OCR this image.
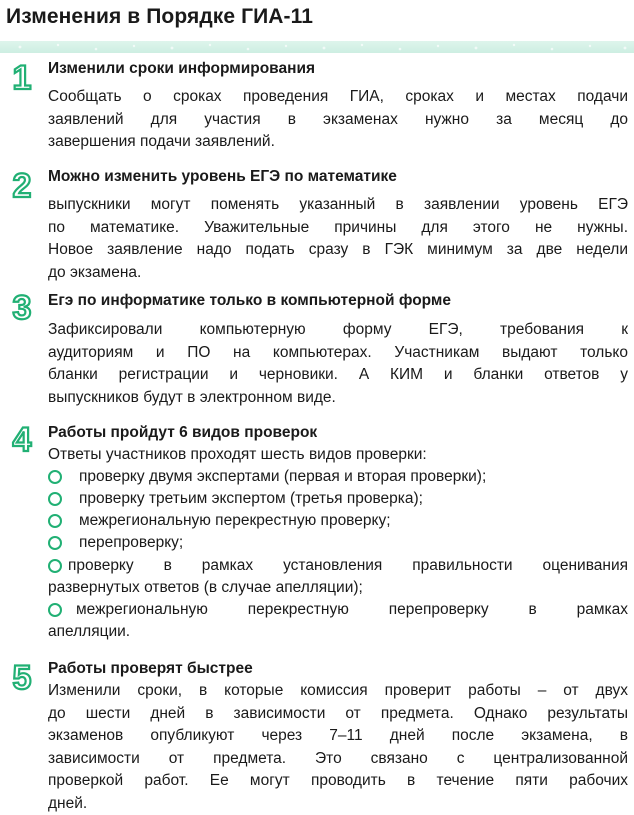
Изменения в Порядке ГИА-11
1 Изменили сроки информирования
Сообщать о сроках проведения ГИА, сроках и местах подачи
заявлений для участия в экзаменах нужно за месяц до
завершения подачи заявлений.
2 Можно изменить уровень ЕГЭ по математике
выпускники могут поменять указанный в заявлении уровень ЕГЭ
по математике. Уважительные причины для этого не нужны.
Новое заявление надо подать сразу в ГЭК минимум за две недели
до экзамена.
3 Егэ по информатике только в компьютерной форме
Зафиксировали компьютерную форму ЕГЭ, требования к
аудиториям и ПО на компьютерах. Участникам выдают только
бланки регистрации и черновики. А КИМ и бланки ответов у
выпускников будут в электронном виде.
4 Работы пройдут 6 видов проверок
Ответы участников проходят шесть видов проверки:
проверку двумя экспертами (первая и вторая проверки);
проверку третьим экспертом (третья проверка);
межрегиональную перекрестную проверку;
перепроверку;
проверку в рамках установления правильности оценивания
развернутых ответов (в случае апелляции);
межрегиональную перекрестную перепроверку в рамках
апелляции.
5 Работы проверят быстрее
Изменили сроки, в которые комиссия проверит работы – от двух
до шести дней в зависимости от предмета. Однако результаты
экзаменов опубликуют через 7–11 дней после экзамена, в
зависимости от предмета. Это связано с централизованной
проверкой работ. Ее могут проводить в течение пяти рабочих
дней.
